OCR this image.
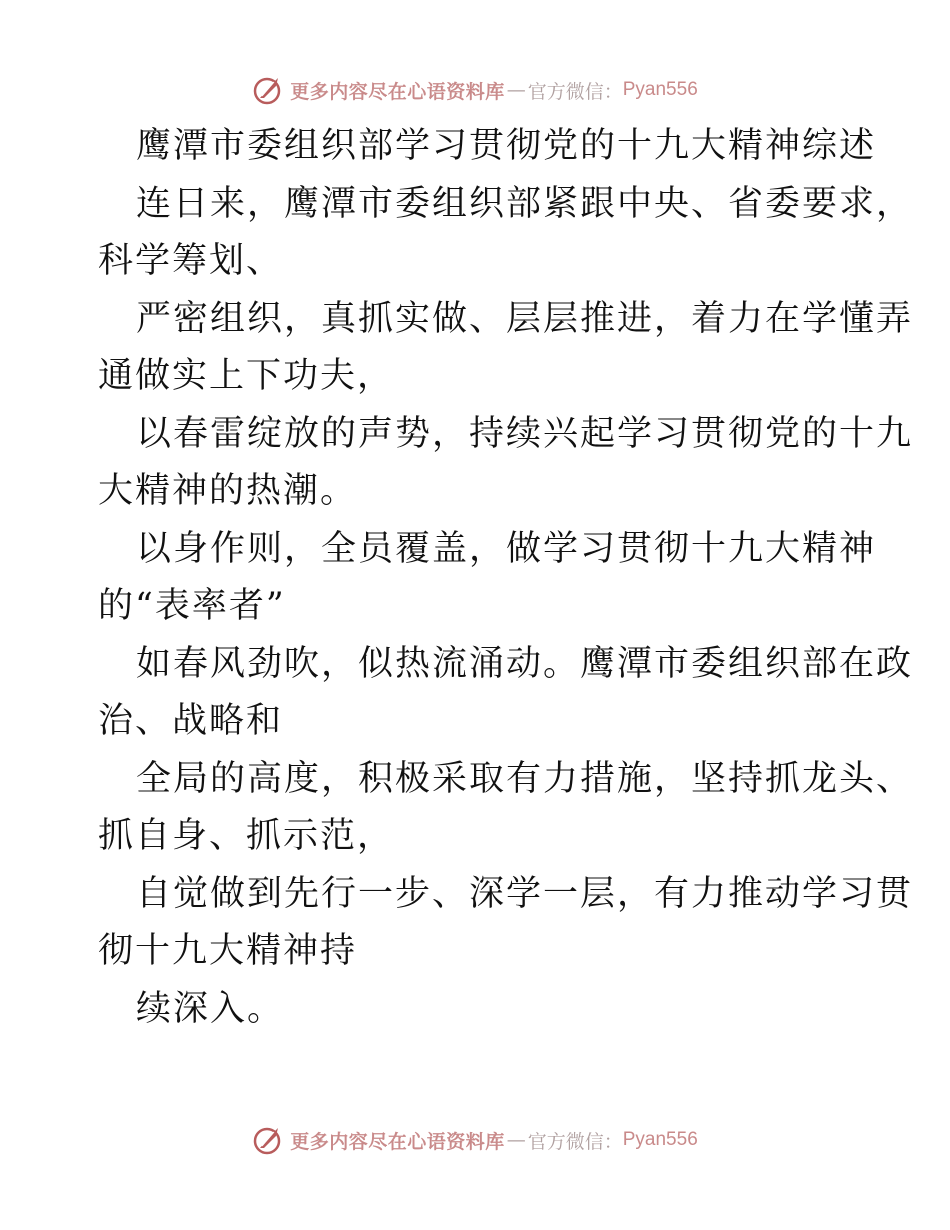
更多内容尽在心语资料库 — 官方微信： Pyan556
鹰潭市委组织部学习贯彻党的十九大精神综述
连日来，鹰潭市委组织部紧跟中央、省委要求，
科学筹划、
严密组织，真抓实做、层层推进，着力在学懂弄
通做实上下功夫，
以春雷绽放的声势，持续兴起学习贯彻党的十九
大精神的热潮。
以身作则，全员覆盖，做学习贯彻十九大精神
的“表率者”
如春风劲吹，似热流涌动。鹰潭市委组织部在政
治、战略和
全局的高度，积极采取有力措施，坚持抓龙头、
抓自身、抓示范，
自觉做到先行一步、深学一层，有力推动学习贯
彻十九大精神持
续深入。
更多内容尽在心语资料库 — 官方微信： Pyan556
